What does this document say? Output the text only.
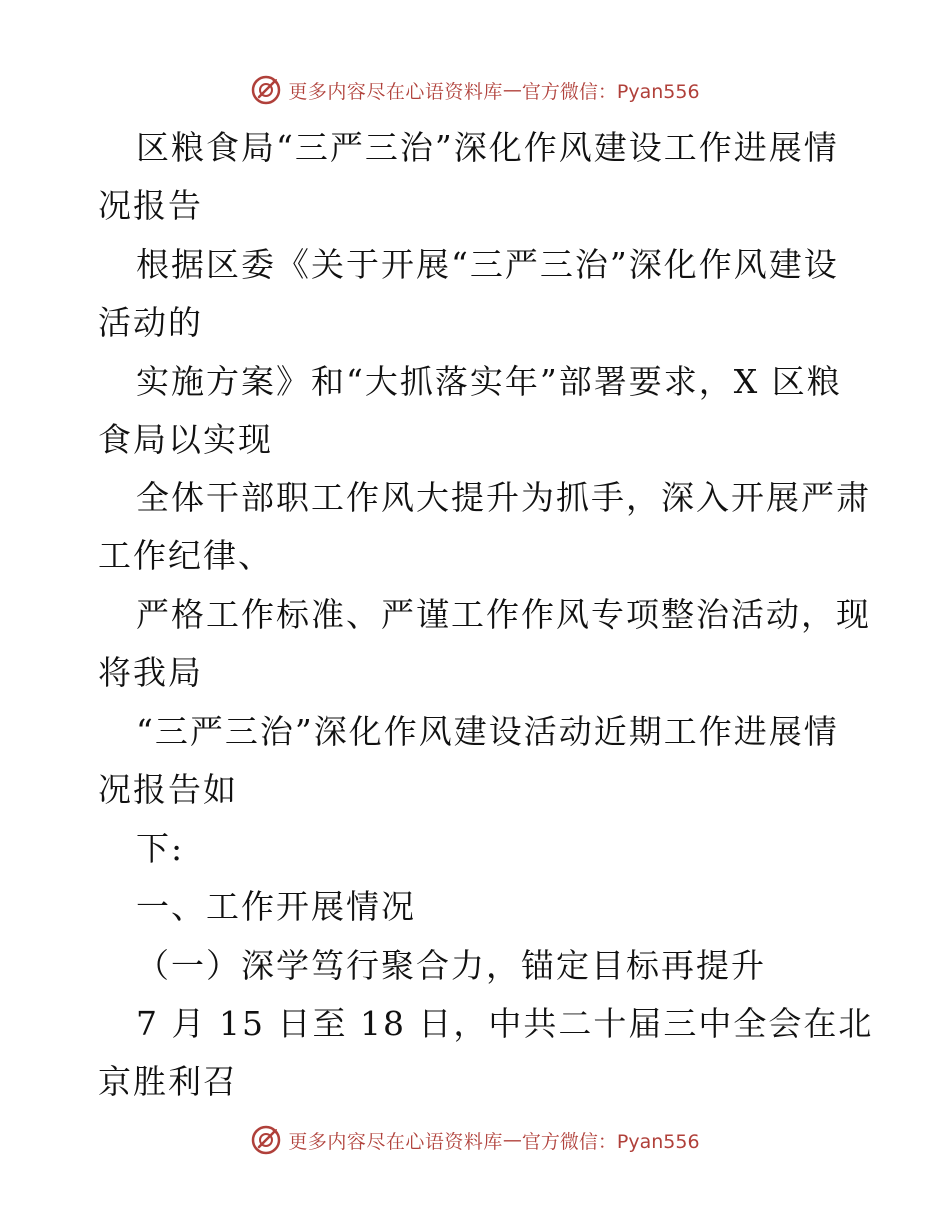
更多内容尽在心语资料库 — 官方微信：Pyan556
区粮食局“三严三治”深化作风建设工作进展情
况报告
根据区委《关于开展“三严三治”深化作风建设
活动的
实施方案》和“大抓落实年”部署要求，X 区粮
食局以实现
全体干部职工作风大提升为抓手，深入开展严肃
工作纪律、
严格工作标准、严谨工作作风专项整治活动，现
将我局
“三严三治”深化作风建设活动近期工作进展情
况报告如
下:
一、工作开展情况
（一）深学笃行聚合力，锚定目标再提升
7 月 15 日至 18 日，中共二十届三中全会在北
京胜利召
更多内容尽在心语资料库 — 官方微信：Pyan556
